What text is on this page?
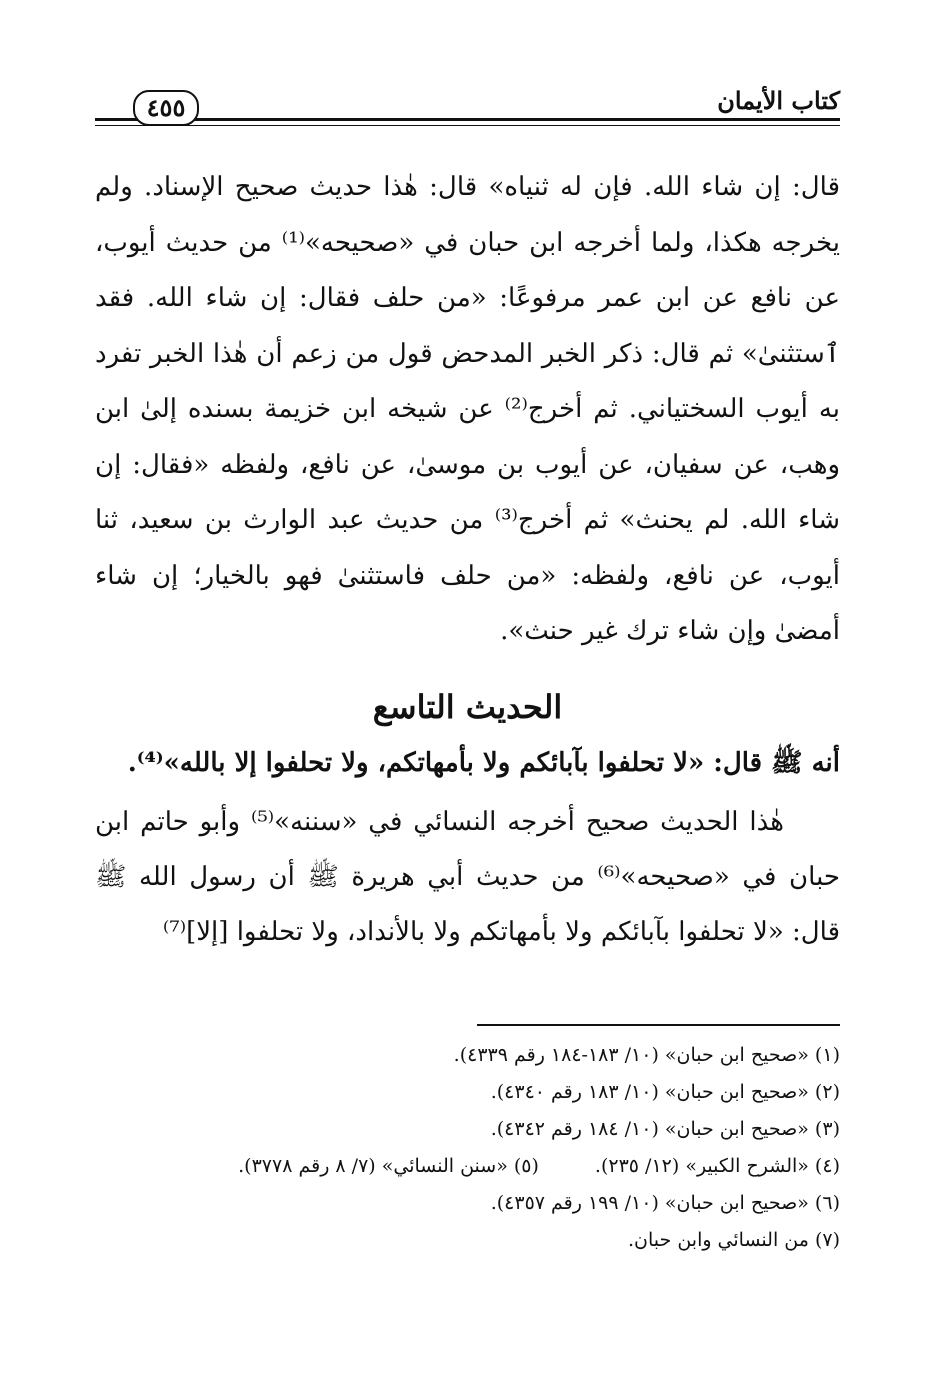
كتاب الأيمان
٤٥٥

قال: إن شاء الله. فإن له ثنياه» قال: هٰذا حديث صحيح الإسناد. ولم يخرجه هكذا، ولما أخرجه ابن حبان في «صحيحه»⁽¹⁾ من حديث أيوب، عن نافع عن ابن عمر مرفوعًا: «من حلف فقال: إن شاء الله. فقد ٱستثنىٰ» ثم قال: ذكر الخبر المدحض قول من زعم أن هٰذا الخبر تفرد به أيوب السختياني. ثم أخرج⁽²⁾ عن شيخه ابن خزيمة بسنده إلىٰ ابن وهب، عن سفيان، عن أيوب بن موسىٰ، عن نافع، ولفظه «فقال: إن شاء الله. لم يحنث» ثم أخرج⁽³⁾ من حديث عبد الوارث بن سعيد، ثنا أيوب، عن نافع، ولفظه: «من حلف فاستثنىٰ فهو بالخيار؛ إن شاء أمضىٰ وإن شاء ترك غير حنث».

الحديث التاسع

أنه ﷺ قال: «لا تحلفوا بآبائكم ولا بأمهاتكم، ولا تحلفوا إلا بالله»⁽⁴⁾.

هٰذا الحديث صحيح أخرجه النسائي في «سننه»⁽⁵⁾ وأبو حاتم ابن حبان في «صحيحه»⁽⁶⁾ من حديث أبي هريرة ﷺ أن رسول الله ﷺ قال: «لا تحلفوا بآبائكم ولا بأمهاتكم ولا بالأنداد، ولا تحلفوا [إلا]⁽⁷⁾

(١) «صحيح ابن حبان» (١٠/ ١٨٣-١٨٤ رقم ٤٣٣٩).
(٢) «صحيح ابن حبان» (١٠/ ١٨٣ رقم ٤٣٤٠).
(٣) «صحيح ابن حبان» (١٠/ ١٨٤ رقم ٤٣٤٢).
(٤) «الشرح الكبير» (١٢/ ٢٣٥).
(٥) «سنن النسائي» (٧/ ٨ رقم ٣٧٧٨).
(٦) «صحيح ابن حبان» (١٠/ ١٩٩ رقم ٤٣٥٧).
(٧) من النسائي وابن حبان.
